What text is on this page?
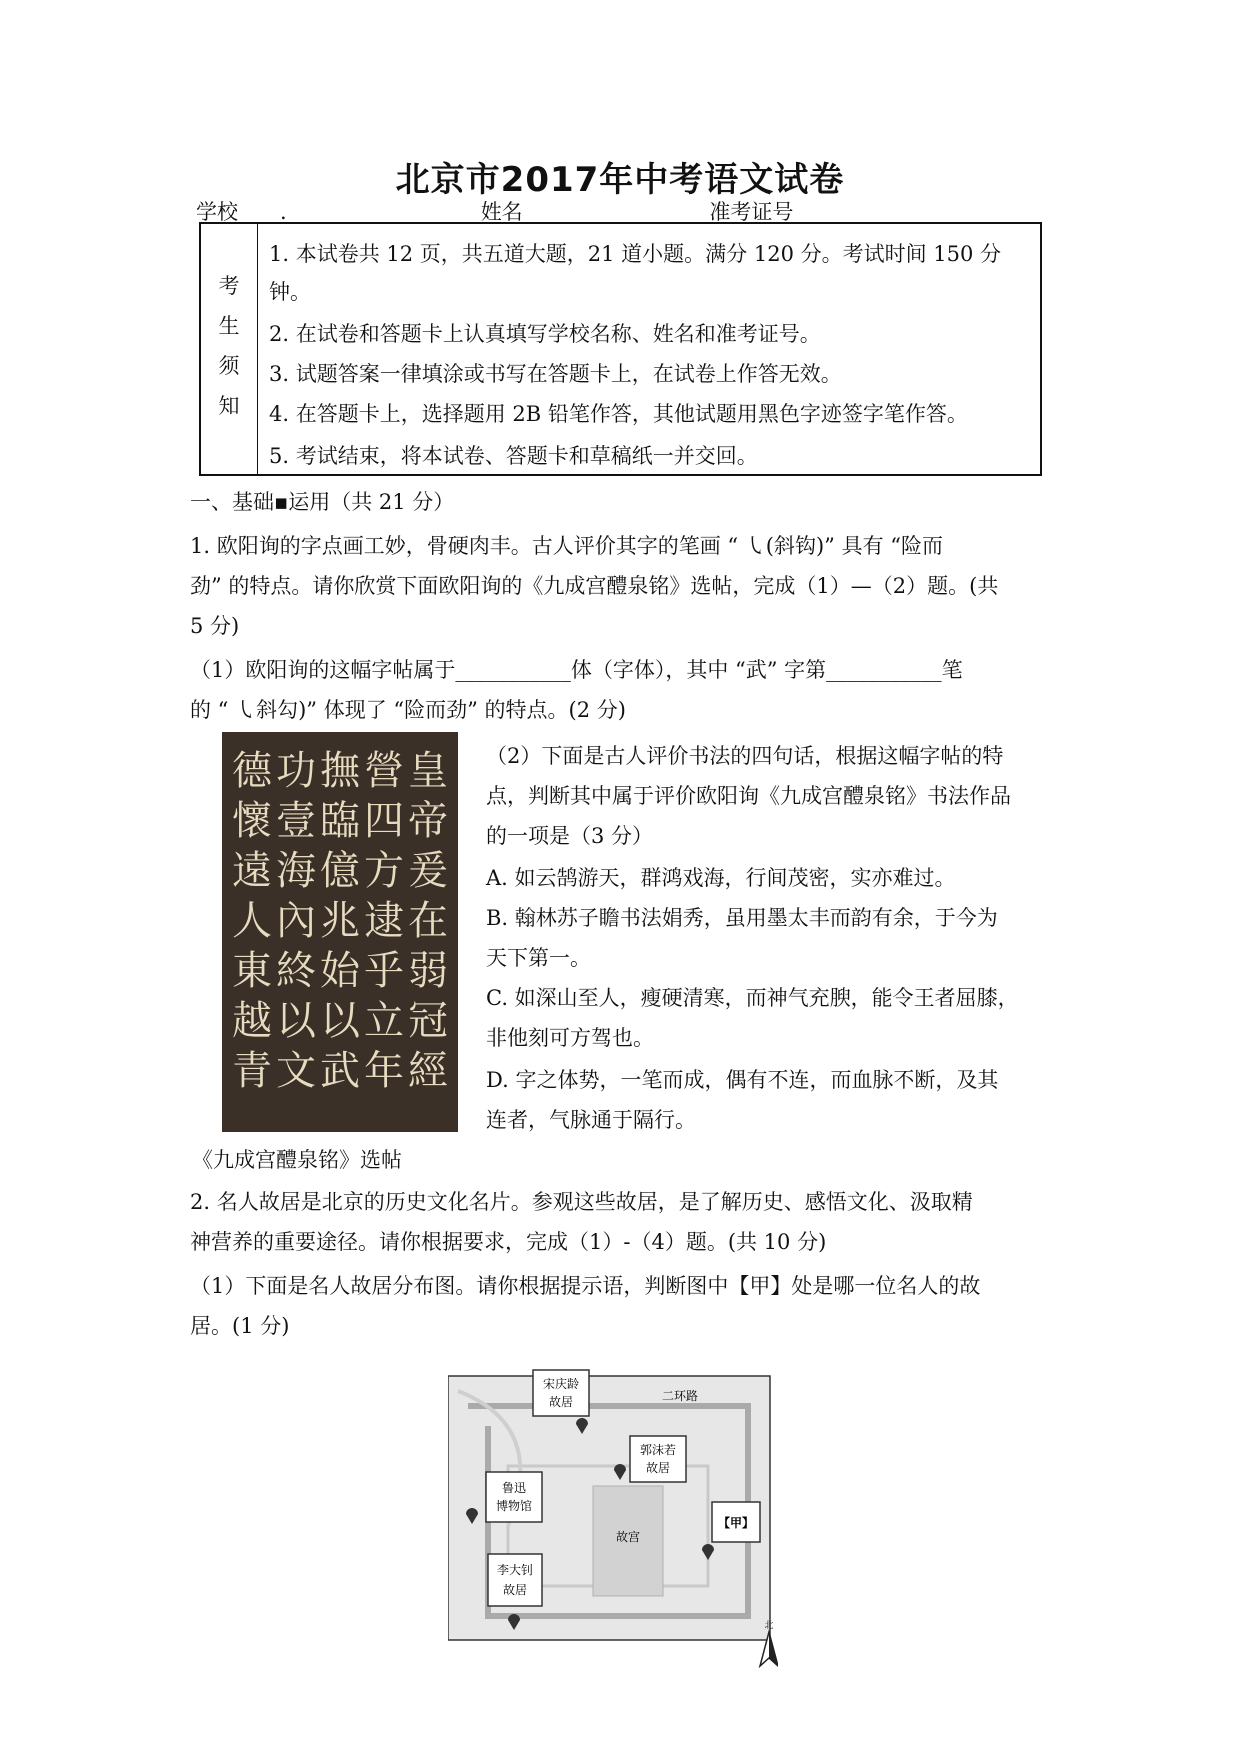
北京市2017年中考语文试卷
学校____.______________ 姓名___________	准考证号_________________
考
生
须
知
1. 本试卷共 12 页，共五道大题，21 道小题。满分 120 分。考试时间 150 分
钟。
2. 在试卷和答题卡上认真填写学校名称、姓名和准考证号。
3. 试题答案一律填涂或书写在答题卡上，在试卷上作答无效。
4. 在答题卡上，选择题用 2B 铅笔作答，其他试题用黑色字迹签字笔作答。
5. 考试结束，将本试卷、答题卡和草稿纸一并交回。
一、基础▪运用（共 21 分）
1. 欧阳询的字点画工妙，骨硬肉丰。古人评价其字的笔画 “ ㇂(斜钩)” 具有 “险而
劲” 的特点。请你欣赏下面欧阳询的《九成宫醴泉铭》选帖，完成（1）—（2）题。(共
5 分)
（1）欧阳询的这幅字帖属于___________体（字体），其中 “武” 字第___________笔
的 “ ㇂斜勾)” 体现了 “险而劲” 的特点。(2 分)
皇
帝
爰
在
弱
冠
經
營
四
方
逮
乎
立
年
撫
臨
億
兆
始
以
武
功
壹
海
內
終
以
文
德
懷
遠
人
東
越
青
（2）下面是古人评价书法的四句话，根据这幅字帖的特
点，判断其中属于评价欧阳询《九成宫醴泉铭》书法作品
的一项是（3 分）
A. 如云鹄游天，群鸿戏海，行间茂密，实亦难过。
B. 翰林苏子瞻书法娟秀，虽用墨太丰而韵有余，于今为
天下第一。
C. 如深山至人，瘦硬清寒，而神气充腴，能令王者屈膝，
非他刻可方驾也。
D. 字之体势，一笔而成，偶有不连，而血脉不断，及其
连者，气脉通于隔行。
《九成宫醴泉铭》选帖
2. 名人故居是北京的历史文化名片。参观这些故居，是了解历史、感悟文化、汲取精
神营养的重要途径。请你根据要求，完成（1）-（4）题。(共 10 分)
（1）下面是名人故居分布图。请你根据提示语，判断图中【甲】处是哪一位名人的故
居。(1 分)
宋庆龄
故居	二环路
郭沫若
故居
鲁迅
博物馆
【甲】
故宫
李大钊
故居
北
